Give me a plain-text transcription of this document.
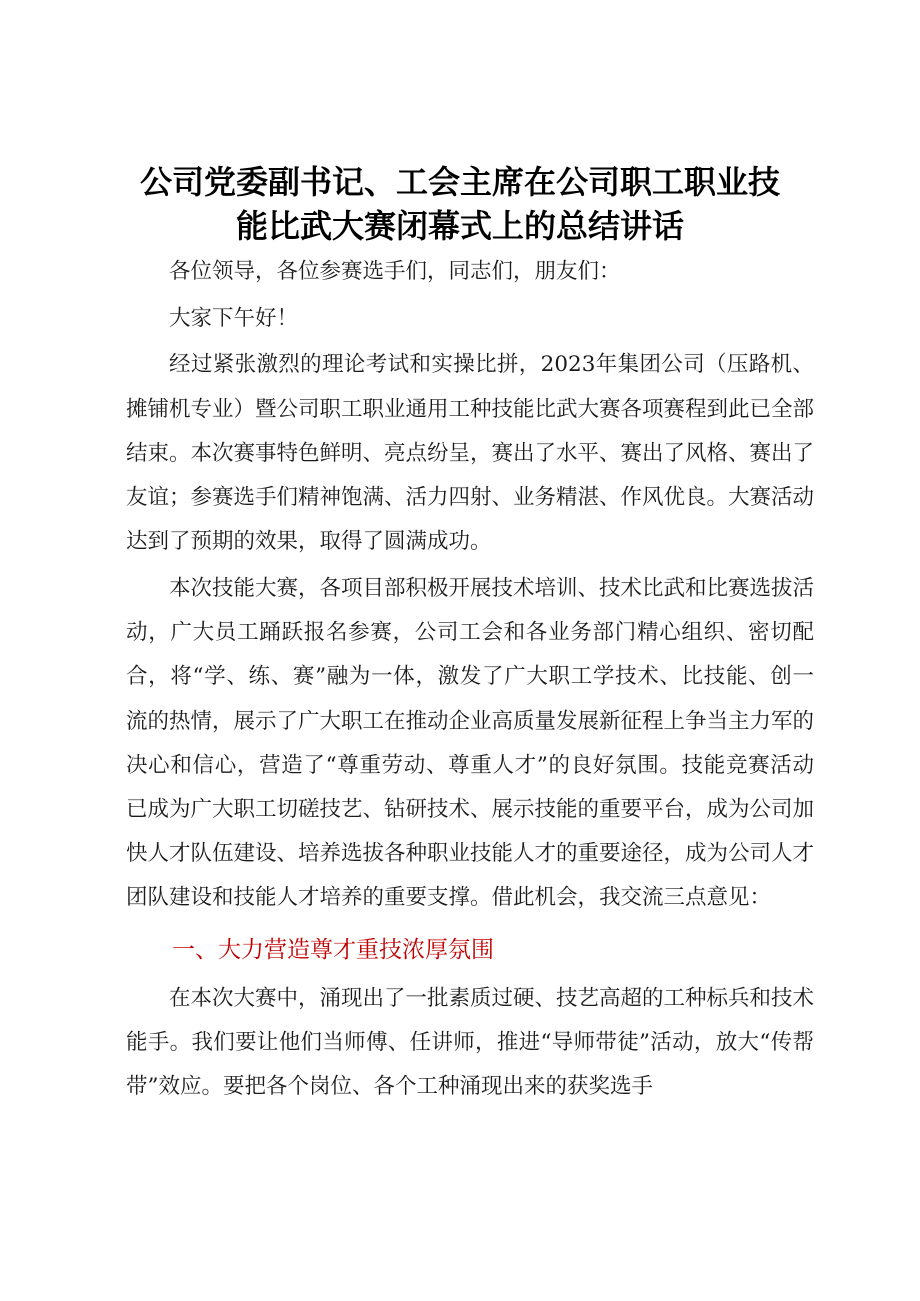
公司党委副书记、工会主席在公司职工职业技
能比武大赛闭幕式上的总结讲话

各位领导，各位参赛选手们，同志们，朋友们：

大家下午好！

经过紧张激烈的理论考试和实操比拼，2023年集团公司（压路机、摊铺机专业）暨公司职工职业通用工种技能比武大赛各项赛程到此已全部结束。本次赛事特色鲜明、亮点纷呈，赛出了水平、赛出了风格、赛出了友谊；参赛选手们精神饱满、活力四射、业务精湛、作风优良。大赛活动达到了预期的效果，取得了圆满成功。

本次技能大赛，各项目部积极开展技术培训、技术比武和比赛选拔活动，广大员工踊跃报名参赛，公司工会和各业务部门精心组织、密切配合，将“学、练、赛”融为一体，激发了广大职工学技术、比技能、创一流的热情，展示了广大职工在推动企业高质量发展新征程上争当主力军的决心和信心，营造了“尊重劳动、尊重人才”的良好氛围。技能竞赛活动已成为广大职工切磋技艺、钻研技术、展示技能的重要平台，成为公司加快人才队伍建设、培养选拔各种职业技能人才的重要途径，成为公司人才团队建设和技能人才培养的重要支撑。借此机会，我交流三点意见：

一、大力营造尊才重技浓厚氛围

在本次大赛中，涌现出了一批素质过硬、技艺高超的工种标兵和技术能手。我们要让他们当师傅、任讲师，推进“导师带徒”活动，放大“传帮带”效应。要把各个岗位、各个工种涌现出来的获奖选手
